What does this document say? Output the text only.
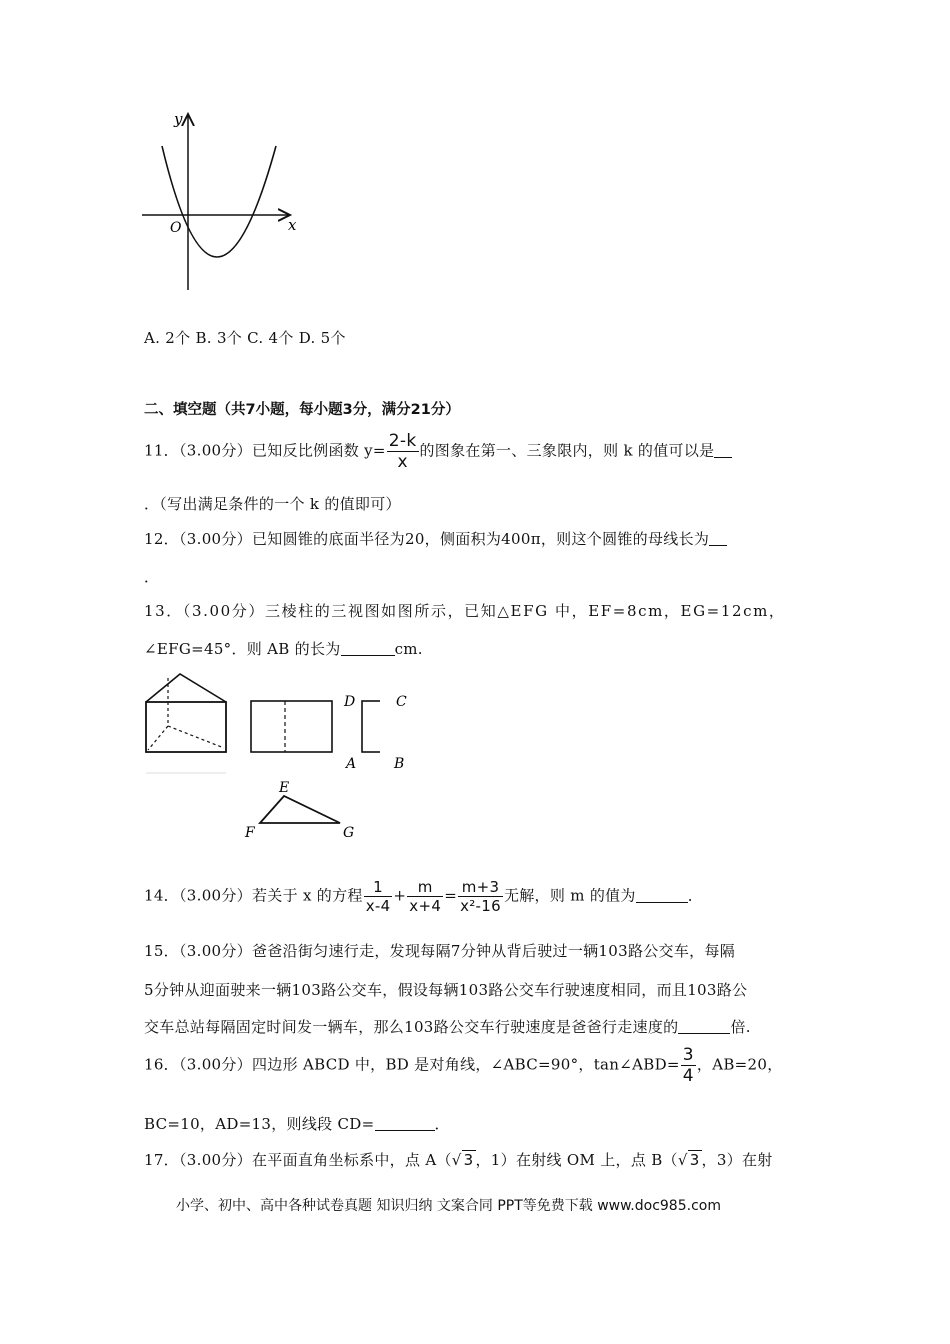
y
x
O
A. 2个 B. 3个 C. 4个 D. 5个
二、填空题（共7小题，每小题3分，满分21分）
11．（3.00分）已知反比例函数 $y= \frac{2-k}{x}$ 的图象在第一、三象限内，则 k 的值可以是
．（写出满足条件的一个 k 的值即可）
12．（3.00分）已知圆锥的底面半径为20，侧面积为400π，则这个圆锥的母线长为
．
13．（3.00分）三棱柱的三视图如图所示，已知△EFG 中，EF=8cm，EG=12cm，
∠EFG=45°．则 AB 的长为	cm.
D	C
A	B
E
F	G
14．（3.00分）若关于 x 的方程 $\frac{1}{x-4} + \frac{m}{x+4} = \frac{m+3}{\text{x²-16}}$ 无解，则 m 的值为	．
15．（3.00分）爸爸沿街匀速行走，发现每隔7分钟从背后驶过一辆103路公交车，每隔
5分钟从迎面驶来一辆103路公交车，假设每辆103路公交车行驶速度相同，而且103路公
交车总站每隔固定时间发一辆车，那么103路公交车行驶速度是爸爸行走速度的	倍.
16．（3.00分）四边形 ABCD 中，BD 是对角线，∠ABC=90°，tan∠ABD= $\frac{3}{4}$ ，AB=20，
BC=10，AD=13，则线段 CD=	．
17．（3.00分）在平面直角坐标系中，点 A（√ 3 ，1）在射线 OM 上，点 B（√ 3 ，3）在射
小学、初中、高中各种试卷真题 知识归纳 文案合同 PPT等免费下载 www.doc985.com
